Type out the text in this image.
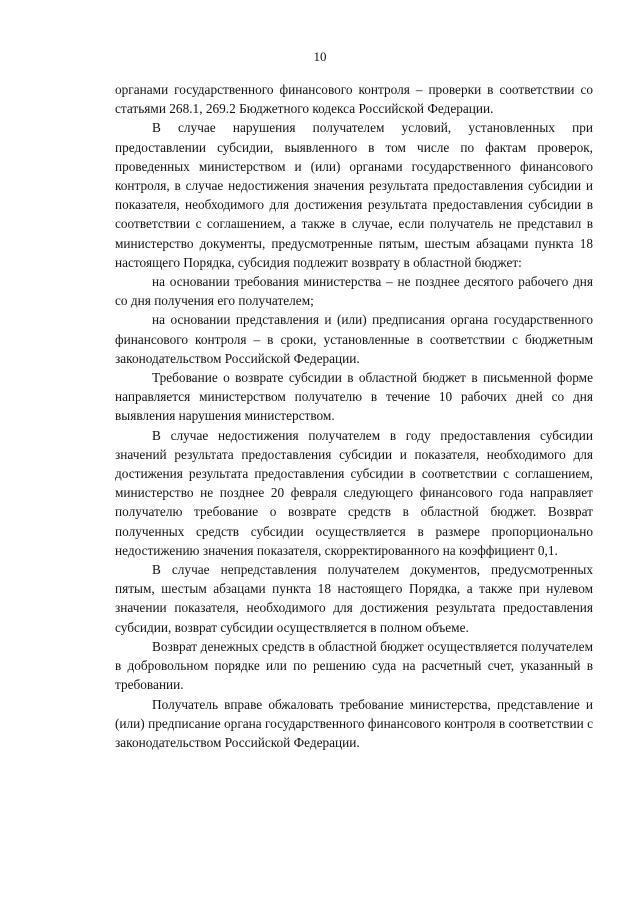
10

органами государственного финансового контроля – проверки в соответствии со статьями 268.1, 269.2 Бюджетного кодекса Российской Федерации.

В случае нарушения получателем условий, установленных при предоставлении субсидии, выявленного в том числе по фактам проверок, проведенных министерством и (или) органами государственного финансового контроля, в случае недостижения значения результата предоставления субсидии и показателя, необходимого для достижения результата предоставления субсидии в соответствии с соглашением, а также в случае, если получатель не представил в министерство документы, предусмотренные пятым, шестым абзацами пункта 18 настоящего Порядка, субсидия подлежит возврату в областной бюджет:

на основании требования министерства – не позднее десятого рабочего дня со дня получения его получателем;

на основании представления и (или) предписания органа государственного финансового контроля – в сроки, установленные в соответствии с бюджетным законодательством Российской Федерации.

Требование о возврате субсидии в областной бюджет в письменной форме направляется министерством получателю в течение 10 рабочих дней со дня выявления нарушения министерством.

В случае недостижения получателем в году предоставления субсидии значений результата предоставления субсидии и показателя, необходимого для достижения результата предоставления субсидии в соответствии с соглашением, министерство не позднее 20 февраля следующего финансового года направляет получателю требование о возврате средств в областной бюджет. Возврат полученных средств субсидии осуществляется в размере пропорционально недостижению значения показателя, скорректированного на коэффициент 0,1.

В случае непредставления получателем документов, предусмотренных пятым, шестым абзацами пункта 18 настоящего Порядка, а также при нулевом значении показателя, необходимого для достижения результата предоставления субсидии, возврат субсидии осуществляется в полном объеме.

Возврат денежных средств в областной бюджет осуществляется получателем в добровольном порядке или по решению суда на расчетный счет, указанный в требовании.

Получатель вправе обжаловать требование министерства, представление и (или) предписание органа государственного финансового контроля в соответствии с законодательством Российской Федерации.
